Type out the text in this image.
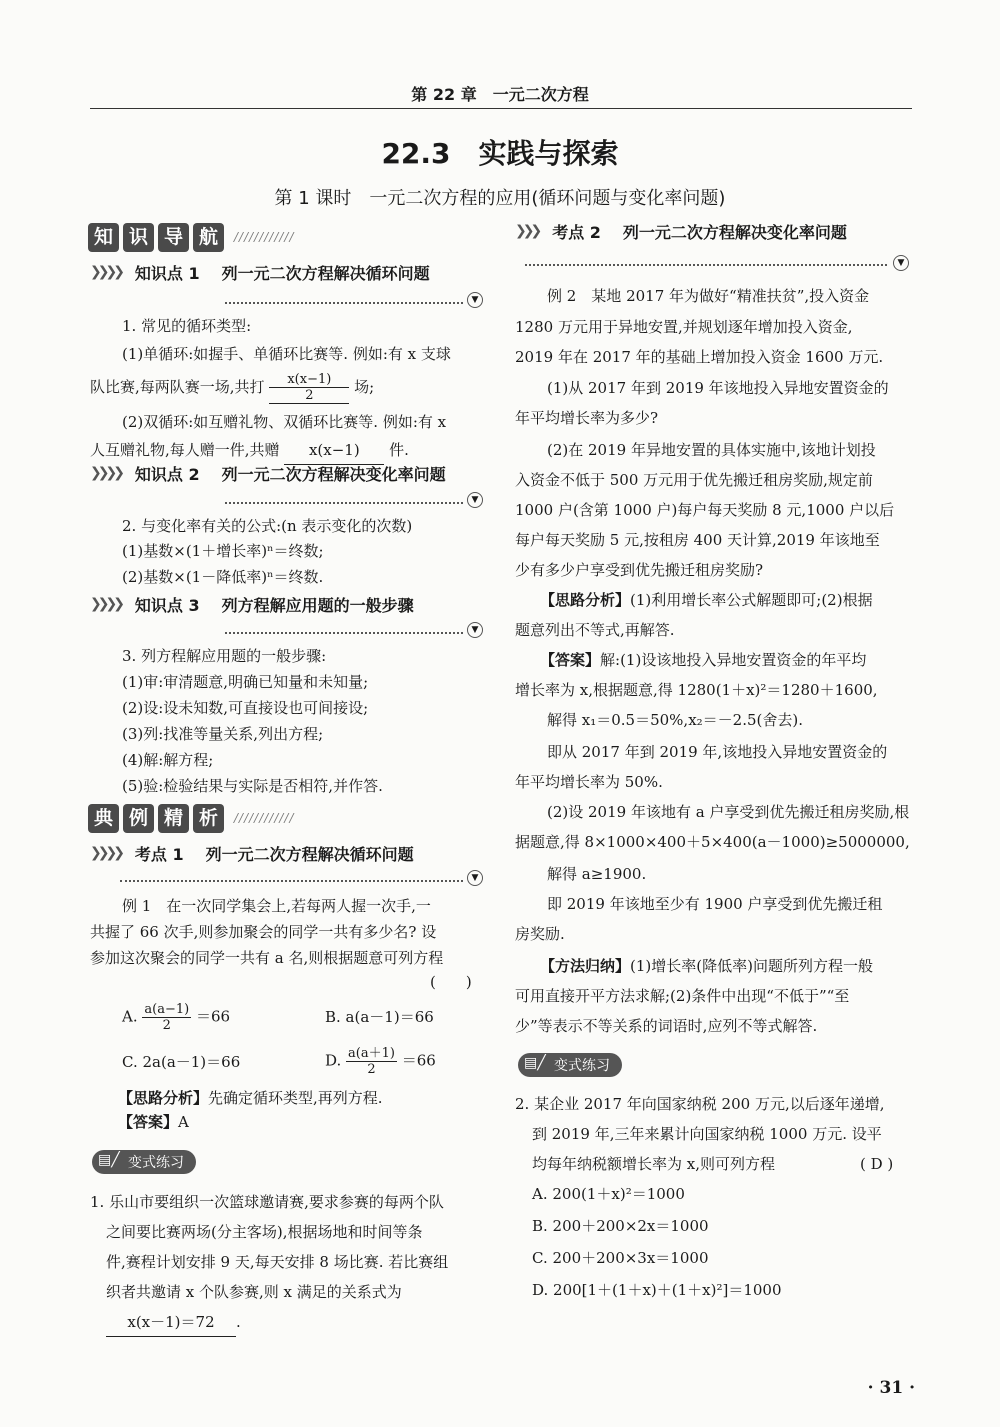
第 22 章　一元二次方程
22.3　实践与探索
第 1 课时　一元二次方程的应用(循环问题与变化率问题)
知 识 导 航	////////////
❯❯❯❯ 知识点 1 列一元二次方程解决循环问题
▼
1. 常见的循环类型:
(1)单循环:如握手、单循环比赛等. 例如:有 x 支球
队比赛,每两队赛一场,共打 $\frac{x(x-1)}{2}$ 场;
(2)双循环:如互赠礼物、双循环比赛等. 例如:有 x
人互赠礼物,每人赠一件,共赠 x(x−1) 件.
❯❯❯❯ 知识点 2 列一元二次方程解决变化率问题
▼
2. 与变化率有关的公式:(n 表示变化的次数)
(1)基数×(1＋增长率)ⁿ＝终数;
(2)基数×(1－降低率)ⁿ＝终数.
❯❯❯❯ 知识点 3 列方程解应用题的一般步骤
▼
3. 列方程解应用题的一般步骤:
(1)审:审清题意,明确已知量和未知量;
(2)设:设未知数,可直接设也可间接设;
(3)列:找准等量关系,列出方程;
(4)解:解方程;
(5)验:检验结果与实际是否相符,并作答.
典 例 精 析	////////////
❯❯❯❯ 考点 1 列一元二次方程解决循环问题
▼
例 1　在一次同学集会上,若每两人握一次手,一
共握了 66 次手,则参加聚会的同学一共有多少名? 设
参加这次聚会的同学一共有 a 名,则根据题意可列方程
(　　)
A. $\frac{a(a-1)}{2} =66$	B. a(a－1)＝66
C. 2a(a－1)＝66	D. $\frac{a(a+1)}{2} =66$
【思路分析】先确定循环类型,再列方程.
【答案】A
▤╱ 变式练习
1. 乐山市要组织一次篮球邀请赛,要求参赛的每两个队
之间要比赛两场(分主客场),根据场地和时间等条
件,赛程计划安排 9 天,每天安排 8 场比赛. 若比赛组
织者共邀请 x 个队参赛,则 x 满足的关系式为
x(x－1)＝72 .
❯❯❯ 考点 2 列一元二次方程解决变化率问题
▼
例 2　某地 2017 年为做好“精准扶贫”,投入资金
1280 万元用于异地安置,并规划逐年增加投入资金,
2019 年在 2017 年的基础上增加投入资金 1600 万元.
(1)从 2017 年到 2019 年该地投入异地安置资金的
年平均增长率为多少?
(2)在 2019 年异地安置的具体实施中,该地计划投
入资金不低于 500 万元用于优先搬迁租房奖励,规定前
1000 户(含第 1000 户)每户每天奖励 8 元,1000 户以后
每户每天奖励 5 元,按租房 400 天计算,2019 年该地至
少有多少户享受到优先搬迁租房奖励?
【思路分析】(1)利用增长率公式解题即可;(2)根据
题意列出不等式,再解答.
【答案】解:(1)设该地投入异地安置资金的年平均
增长率为 x,根据题意,得 1280(1＋x)²＝1280＋1600,
解得 x₁＝0.5＝50%,x₂＝－2.5(舍去).
即从 2017 年到 2019 年,该地投入异地安置资金的
年平均增长率为 50%.
(2)设 2019 年该地有 a 户享受到优先搬迁租房奖励,根
据题意,得 8×1000×400＋5×400(a－1000)≥5000000,
解得 a≥1900.
即 2019 年该地至少有 1900 户享受到优先搬迁租
房奖励.
【方法归纳】(1)增长率(降低率)问题所列方程一般
可用直接开平方法求解;(2)条件中出现“不低于”“至
少”等表示不等关系的词语时,应列不等式解答.
▤╱ 变式练习
2. 某企业 2017 年向国家纳税 200 万元,以后逐年递增,
到 2019 年,三年来累计向国家纳税 1000 万元. 设平
均每年纳税额增长率为 x,则可列方程	( D )
A. 200(1＋x)²＝1000
B. 200＋200×2x＝1000
C. 200＋200×3x＝1000
D. 200[1＋(1＋x)＋(1＋x)²]＝1000
· 31 ·
